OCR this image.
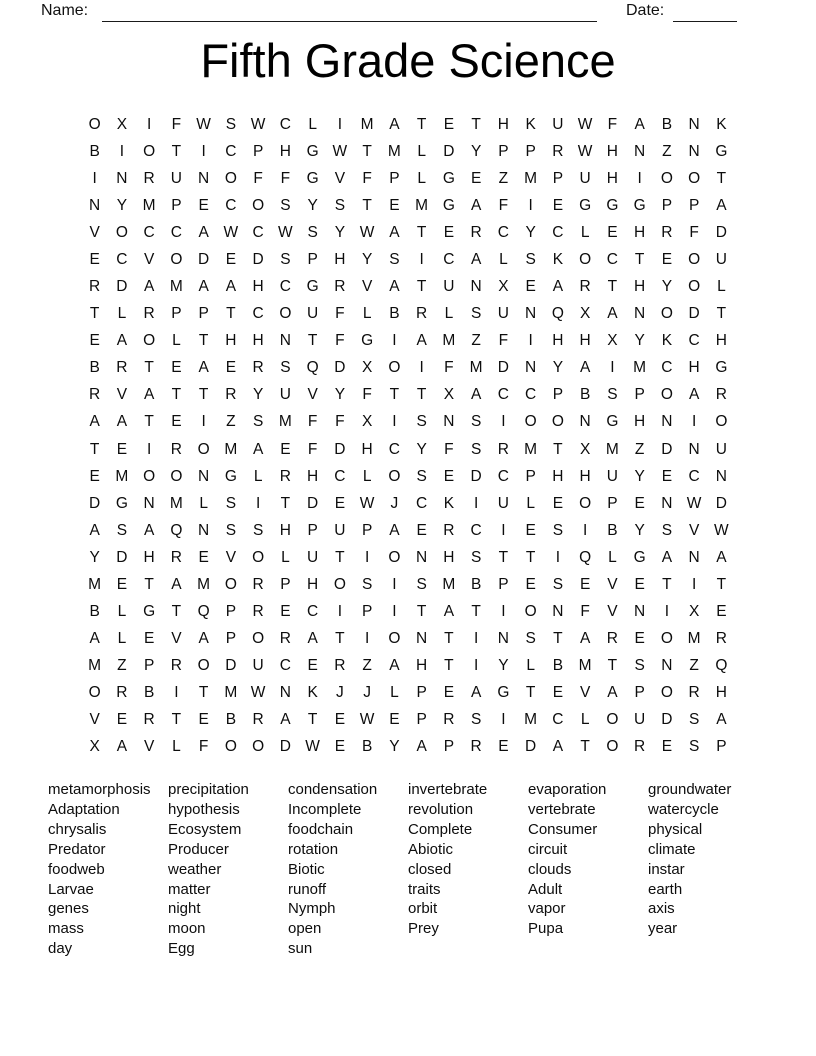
Name:	Date:
Fifth Grade Science
O	X	I	F W S W C	L	I	M	A	T	E	T	H	K	U W F	A	B	N	K
B	I	O	T	I	C	P	H	G W T	M	L	D	Y	P	P	R W H	N	Z	N	G
I	N	R	U	N	O	F	F	G	V	F	P	L	G	E	Z	M	P	U	H	I	O O	T
N	Y	M	P	E	C	O	S	Y	S	T	E	M G	A	F	I	E	G G G	P	P	A
V	O	C	C	A W C W S	Y W A	T	E	R	C	Y	C	L	E	H	R	F	D
E	C	V	O	D	E	D	S	P	H	Y	S	I	C	A	L	S	K	O	C	T	E	O	U
R	D	A	M	A	A	H	C	G	R	V	A	T	U	N	X	E	A	R	T	H	Y	O	L
T	L	R	P	P	T	C	O	U	F	L	B	R	L	S	U	N	Q	X	A	N	O	D	T
E	A	O	L	T	H	H	N	T	F	G	I	A	M	Z	F	I	H	H	X	Y	K	C	H
B	R	T	E	A	E	R	S	Q	D	X	O	I	F	M D	N	Y	A	I	M C	H	G
R	V	A	T	T	R	Y	U	V	Y	F	T	T	X	A	C	C	P	B	S	P	O	A	R
A	A	T	E	I	Z	S	M	F	F	X	I	S	N	S	I	O O	N	G	H	N	I	O
T	E	I	R	O M	A	E	F	D	H	C	Y	F	S	R M	T	X	M	Z	D	N	U
E	M O O	N	G	L	R	H	C	L	O	S	E	D	C	P	H	H	U	Y	E	C	N
D	G	N M	L	S	I	T	D	E W	J	C	K	I	U	L	E	O	P	E	N W D
A	S	A	Q	N	S	S	H	P	U	P	A	E	R	C	I	E	S	I	B	Y	S	V W
Y	D	H	R	E	V	O	L	U	T	I	O	N	H	S	T	T	I	Q	L	G	A	N	A
M	E	T	A	M O	R	P	H	O	S	I	S	M	B	P	E	S	E	V	E	T	I	T
B	L	G	T	Q	P	R	E	C	I	P	I	T	A	T	I	O	N	F	V	N	I	X	E
A	L	E	V	A	P	O	R	A	T	I	O	N	T	I	N	S	T	A	R	E	O M R
M	Z	P	R	O	D	U	C	E	R	Z	A	H	T	I	Y	L	B	M	T	S	N	Z	Q
O	R	B	I	T	M W N	K	J	J	L	P	E	A	G	T	E	V	A	P	O	R	H
V	E	R	T	E	B	R	A	T	E W E	P	R	S	I	M C	L	O	U	D	S	A
X	A	V	L	F	O O	D W E	B	Y	A	P	R	E	D	A	T	O	R	E	S	P
metamorphosis
Adaptation
chrysalis
Predator
foodweb
Larvae
genes
mass
day
precipitation
hypothesis
Ecosystem
Producer
weather
matter
night
moon
Egg
condensation
Incomplete
foodchain
rotation
Biotic
runoff
Nymph
open
sun
invertebrate
revolution
Complete
Abiotic
closed
traits
orbit
Prey
evaporation
vertebrate
Consumer
circuit
clouds
Adult
vapor
Pupa
groundwater
watercycle
physical
climate
instar
earth
axis
year
